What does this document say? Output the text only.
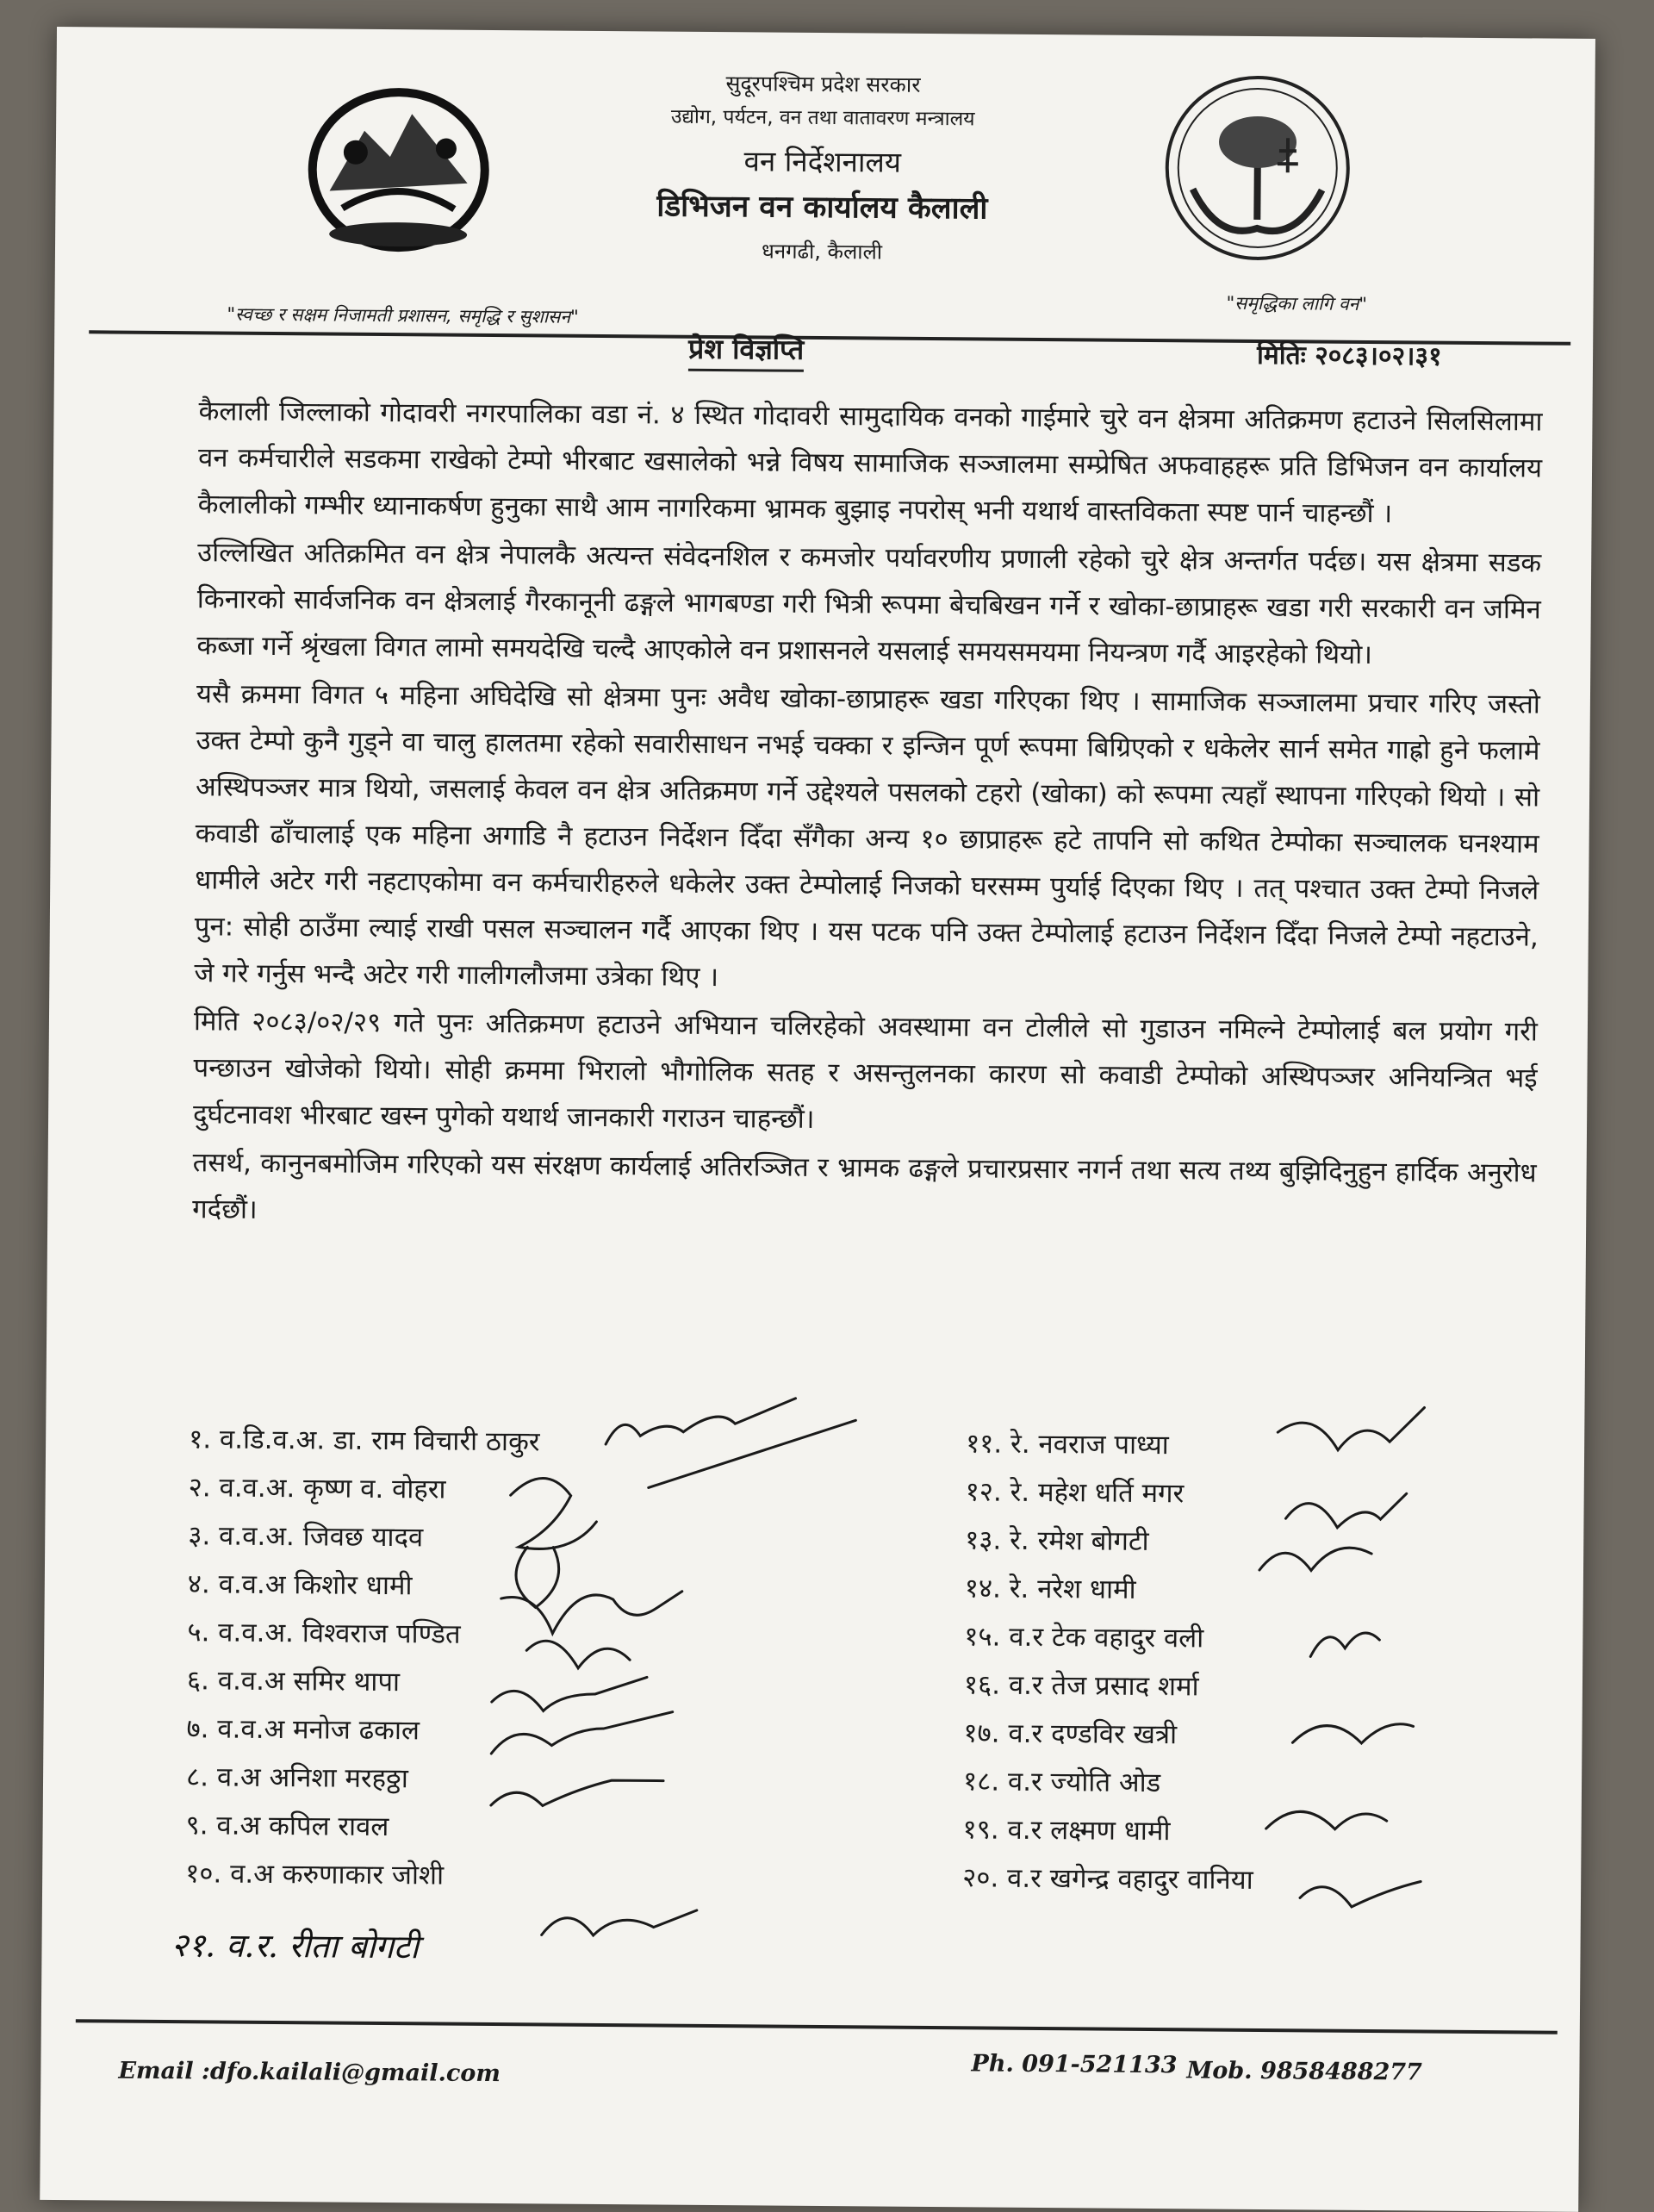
सुदूरपश्चिम प्रदेश सरकार
उद्योग, पर्यटन, वन तथा वातावरण मन्त्रालय
वन निर्देशनालय
डिभिजन वन कार्यालय कैलाली
धनगढी, कैलाली
"स्वच्छ र सक्षम निजामती प्रशासन, समृद्धि र सुशासन"
"समृद्धिका लागि वन"
प्रेश विज्ञप्ति	मितिः २०८३।०२।३१

कैलाली जिल्लाको गोदावरी नगरपालिका वडा नं. ४ स्थित गोदावरी सामुदायिक वनको गाईमारे चुरे वन क्षेत्रमा अतिक्रमण हटाउने सिलसिलामा वन कर्मचारीले सडकमा राखेको टेम्पो भीरबाट खसालेको भन्ने विषय सामाजिक सञ्जालमा सम्प्रेषित अफवाहहरू प्रति डिभिजन वन कार्यालय कैलालीको गम्भीर ध्यानाकर्षण हुनुका साथै आम नागरिकमा भ्रामक बुझाइ नपरोस् भनी यथार्थ वास्तविकता स्पष्ट पार्न चाहन्छौं ।

उल्लिखित अतिक्रमित वन क्षेत्र नेपालकै अत्यन्त संवेदनशिल र कमजोर पर्यावरणीय प्रणाली रहेको चुरे क्षेत्र अन्तर्गत पर्दछ। यस क्षेत्रमा सडक किनारको सार्वजनिक वन क्षेत्रलाई गैरकानूनी ढङ्गले भागबण्डा गरी भित्री रूपमा बेचबिखन गर्ने र खोका-छाप्राहरू खडा गरी सरकारी वन जमिन कब्जा गर्ने श्रृंखला विगत लामो समयदेखि चल्दै आएकोले वन प्रशासनले यसलाई समयसमयमा नियन्त्रण गर्दै आइरहेको थियो।

यसै क्रममा विगत ५ महिना अघिदेखि सो क्षेत्रमा पुनः अवैध खोका-छाप्राहरू खडा गरिएका थिए । सामाजिक सञ्जालमा प्रचार गरिए जस्तो उक्त टेम्पो कुनै गुड्ने वा चालु हालतमा रहेको सवारीसाधन नभई चक्का र इन्जिन पूर्ण रूपमा बिग्रिएको र धकेलेर सार्न समेत गाह्रो हुने फलामे अस्थिपञ्जर मात्र थियो, जसलाई केवल वन क्षेत्र अतिक्रमण गर्ने उद्देश्यले पसलको टहरो (खोका) को रूपमा त्यहाँ स्थापना गरिएको थियो । सो कवाडी ढाँचालाई एक महिना अगाडि नै हटाउन निर्देशन दिँदा सँगैका अन्य १० छाप्राहरू हटे तापनि सो कथित टेम्पोका सञ्चालक घनश्याम धामीले अटेर गरी नहटाएकोमा वन कर्मचारीहरुले धकेलेर उक्त टेम्पोलाई निजको घरसम्म पुर्याई दिएका थिए । तत् पश्चात उक्त टेम्पो निजले पुन: सोही ठाउँमा ल्याई राखी पसल सञ्चालन गर्दै आएका थिए । यस पटक पनि उक्त टेम्पोलाई हटाउन निर्देशन दिँदा निजले टेम्पो नहटाउने, जे गरे गर्नुस भन्दै अटेर गरी गालीगलौजमा उत्रेका थिए ।

मिति २०८३/०२/२९ गते पुनः अतिक्रमण हटाउने अभियान चलिरहेको अवस्थामा वन टोलीले सो गुडाउन नमिल्ने टेम्पोलाई बल प्रयोग गरी पन्छाउन खोजेको थियो। सोही क्रममा भिरालो भौगोलिक सतह र असन्तुलनका कारण सो कवाडी टेम्पोको अस्थिपञ्जर अनियन्त्रित भई दुर्घटनावश भीरबाट खस्न पुगेको यथार्थ जानकारी गराउन चाहन्छौं।

तसर्थ, कानुनबमोजिम गरिएको यस संरक्षण कार्यलाई अतिरञ्जित र भ्रामक ढङ्गले प्रचारप्रसार नगर्न तथा सत्य तथ्य बुझिदिनुहुन हार्दिक अनुरोध गर्दछौं।

१. व.डि.व.अ. डा. राम विचारी ठाकुर
२. व.व.अ. कृष्ण व. वोहरा
३. व.व.अ. जिवछ यादव
४. व.व.अ किशोर धामी
५. व.व.अ. विश्वराज पण्डित
६. व.व.अ समिर थापा
७. व.व.अ मनोज ढकाल
८. व.अ अनिशा मरहठ्ठा
९. व.अ कपिल रावल
१०. व.अ करुणाकार जोशी
११. रे. नवराज पाध्या
१२. रे. महेश धर्ति मगर
१३. रे. रमेश बोगटी
१४. रे. नरेश धामी
१५. व.र टेक वहादुर वली
१६. व.र तेज प्रसाद शर्मा
१७. व.र दण्डविर खत्री
१८. व.र ज्योति ओड
१९. व.र लक्ष्मण धामी
२०. व.र खगेन्द्र वहादुर वानिया
२१. व.र. रीता बोगटी
Email :dfo.kailali@gmail.com	Ph. 091-521133 Mob. 9858488277
